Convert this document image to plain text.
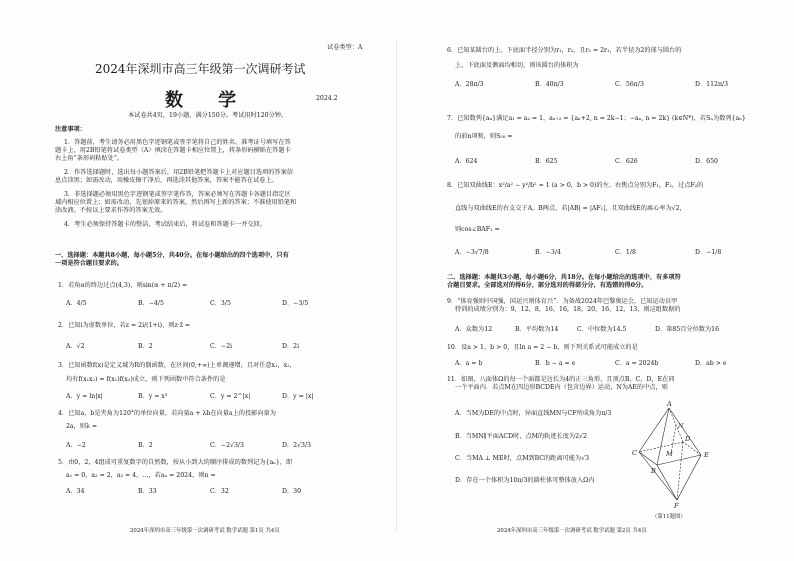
试卷类型：A
2024年深圳市高三年级第一次调研考试
数    学	2024.2
本试卷共4页，19小题，满分150分。考试用时120分钟。
注意事项：
1．答题前，考生请务必用黑色字迹钢笔或签字笔将自己的姓名、准考证号填写在答
题卡上，用2B铅笔将试卷类型（A）填涂在答题卡相应位置上，将条形码横贴在答题卡
右上角“条形码粘贴处”。
2．作答选择题时，选出每小题答案后，用2B铅笔把答题卡上对应题目选项的答案信
息点涂黑；如需改动，用橡皮擦干净后，再选涂其他答案，答案不能答在试卷上。
3．非选择题必须用黑色字迹钢笔或签字笔作答，答案必须写在答题卡各题目指定区
域内相应位置上；如需改动，先划掉原来的答案，然后再写上新的答案；不准使用铅笔和
涂改液。不按以上要求作答的答案无效。
4．考生必须保持答题卡的整洁，考试结束后，将试卷和答题卡一并交回。
一、选择题：本题共8小题，每小题5分，共40分。在每小题给出的四个选项中，只有
一项是符合题目要求的。
1．若角α的终边过点(4,3)，则sin(α + π/2) =
A．4/5	B．−4/5	C．3/5	D．−3/5
2．已知i为虚数单位，若z = 2i/(1+i)，则z·z̄ =
A．√2	B．2	C．−2i	D．2i
3．已知函数f(x)是定义域为R的偶函数，在区间(0,+∞)上单调递增，且对任意x₁，x₂，
均有f(x₁x₂) = f(x₁)f(x₂)成立，则下列函数中符合条件的是
A．y = ln|x|	B．y = x³	C．y = 2^|x|	D．y = |x|
4．已知a，b是夹角为120°的单位向量，若向量a + λb在向量a上的投影向量为
2a，则λ =
A．−2	B．2	C．−2√3/3	D．2√3/3
5．由0，2，4组成可重复数字的自然数，按从小到大的顺序排成的数列记为{aₙ}，即
a₁ = 0，a₂ = 2，a₃ = 4，…，若aₙ = 2024，则n =
A．34	B．33	C．32	D．30
2024年深圳市高三年级第一次调研考试 数学试题 第1页 共4页
6．已知某圆台的上、下底面半径分别为r₁，r₂，且r₂ = 2r₁，若半径为2的球与圆台的
上、下底面及侧面均相切，则该圆台的体积为
A．28π/3	B．40π/3	C．56π/3	D．112π/3
7．已知数列{aₙ}满足a₁ = a₂ = 1，aₙ₊₂ = {aₙ+2, n = 2k−1；−aₙ, n = 2k} (k∈N*)，若Sₙ为数列{aₙ}
的前n项和，则S₅₀ =
A．624	B．625	C．626	D．650
8．已知双曲线E：x²/a² − y²/b² = 1 (a > 0，b > 0)的左、右焦点分别为F₁，F₂，过点F₂的
直线与双曲线E的右支交于A，B两点，若|AB| = |AF₁|，且双曲线E的离心率为√2，
则cos∠BAF₁ =
A．−3√7/8	B．−3/4	C．1/8	D．−1/8
二、选择题：本题共3小题，每小题6分，共18分。在每小题给出的选项中，有多项符
合题目要求。全部选对的得6分，部分选对的得部分分，有选错的得0分。
9．“体育强则中国强，国运兴则体育兴”．为备战2024年巴黎奥运会，已知运动员甲
特训的成绩分别为：9，12，8，16，16，18，20，16，12，13，则这组数据的
A．众数为12	B．平均数为14	C．中位数为14.5	D．第85百分位数为16
10．设a > 1，b > 0，且ln a = 2 − b，则下列关系式可能成立的是
A．a = b	B．b − a = e	C．a = 2024b	D．ab > e
11．如图，八面体Ω的每一个面都是边长为4的正三角形，且顶点B，C，D，E在同
一个平面内．若点M在四边形BCDE内（包含边界）运动，N为AE的中点，则
A．当M为DE的中点时，异面直线MN与CF所成角为π/3
B．当MN∥平面ACD时，点M的轨迹长度为2√2
C．当MA ⊥ ME时，点M到BC的距离可能为√3
D．存在一个体积为10π/3的圆柱体可整体放入Ω内
A
B
C
D
E
F
M
N
（第11题图）
2024年深圳市高三年级第一次调研考试 数学试题 第2页 共4页
